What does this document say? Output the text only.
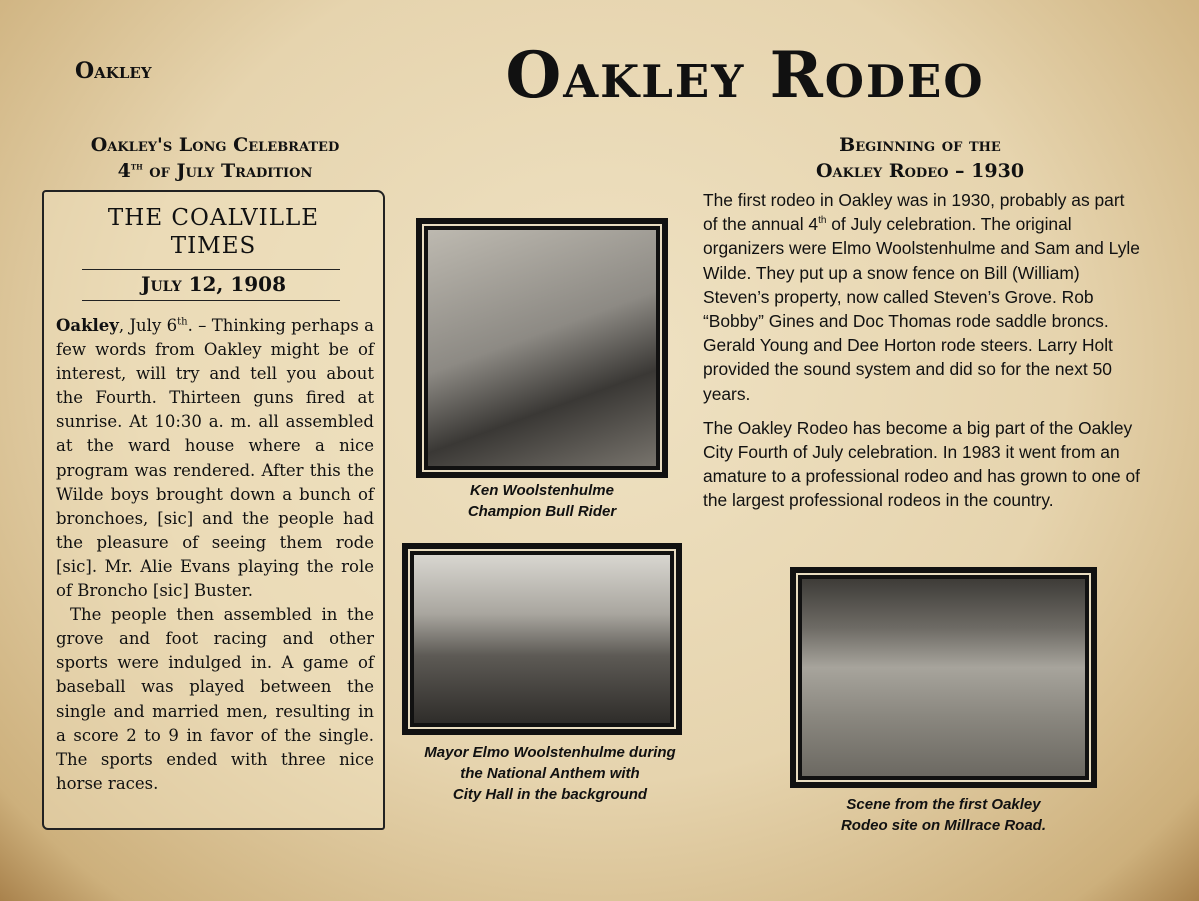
Oakley	Oakley Rodeo
Oakley's Long Celebrated
4th of July Tradition
THE COALVILLE
TIMES
July 12, 1908

Oakley, July 6th. – Thinking perhaps a few words from Oakley might be of interest, will try and tell you about the Fourth. Thirteen guns fired at sunrise. At 10:30 a. m. all assembled at the ward house where a nice program was rendered. After this the Wilde boys brought down a bunch of bronchoes, [sic] and the people had the pleasure of seeing them rode [sic]. Mr. Alie Evans playing the role of Broncho [sic] Buster.

The people then assembled in the grove and foot racing and other sports were indulged in. A game of baseball was played between the single and married men, resulting in a score 2 to 9 in favor of the single. The sports ended with three nice horse races.

Ken Woolstenhulme
Champion Bull Rider
Mayor Elmo Woolstenhulme during
the National Anthem with
City Hall in the background
Scene from the first Oakley
Rodeo site on Millrace Road.
Beginning of the
Oakley Rodeo – 1930

The first rodeo in Oakley was in 1930, probably as part of the annual 4th of July celebration. The original organizers were Elmo Woolstenhulme and Sam and Lyle Wilde. They put up a snow fence on Bill (William) Steven’s property, now called Steven’s Grove. Rob “Bobby” Gines and Doc Thomas rode saddle broncs. Gerald Young and Dee Horton rode steers. Larry Holt provided the sound system and did so for the next 50 years.

The Oakley Rodeo has become a big part of the Oakley City Fourth of July celebration. In 1983 it went from an amature to a professional rodeo and has grown to one of the largest professional rodeos in the country.
